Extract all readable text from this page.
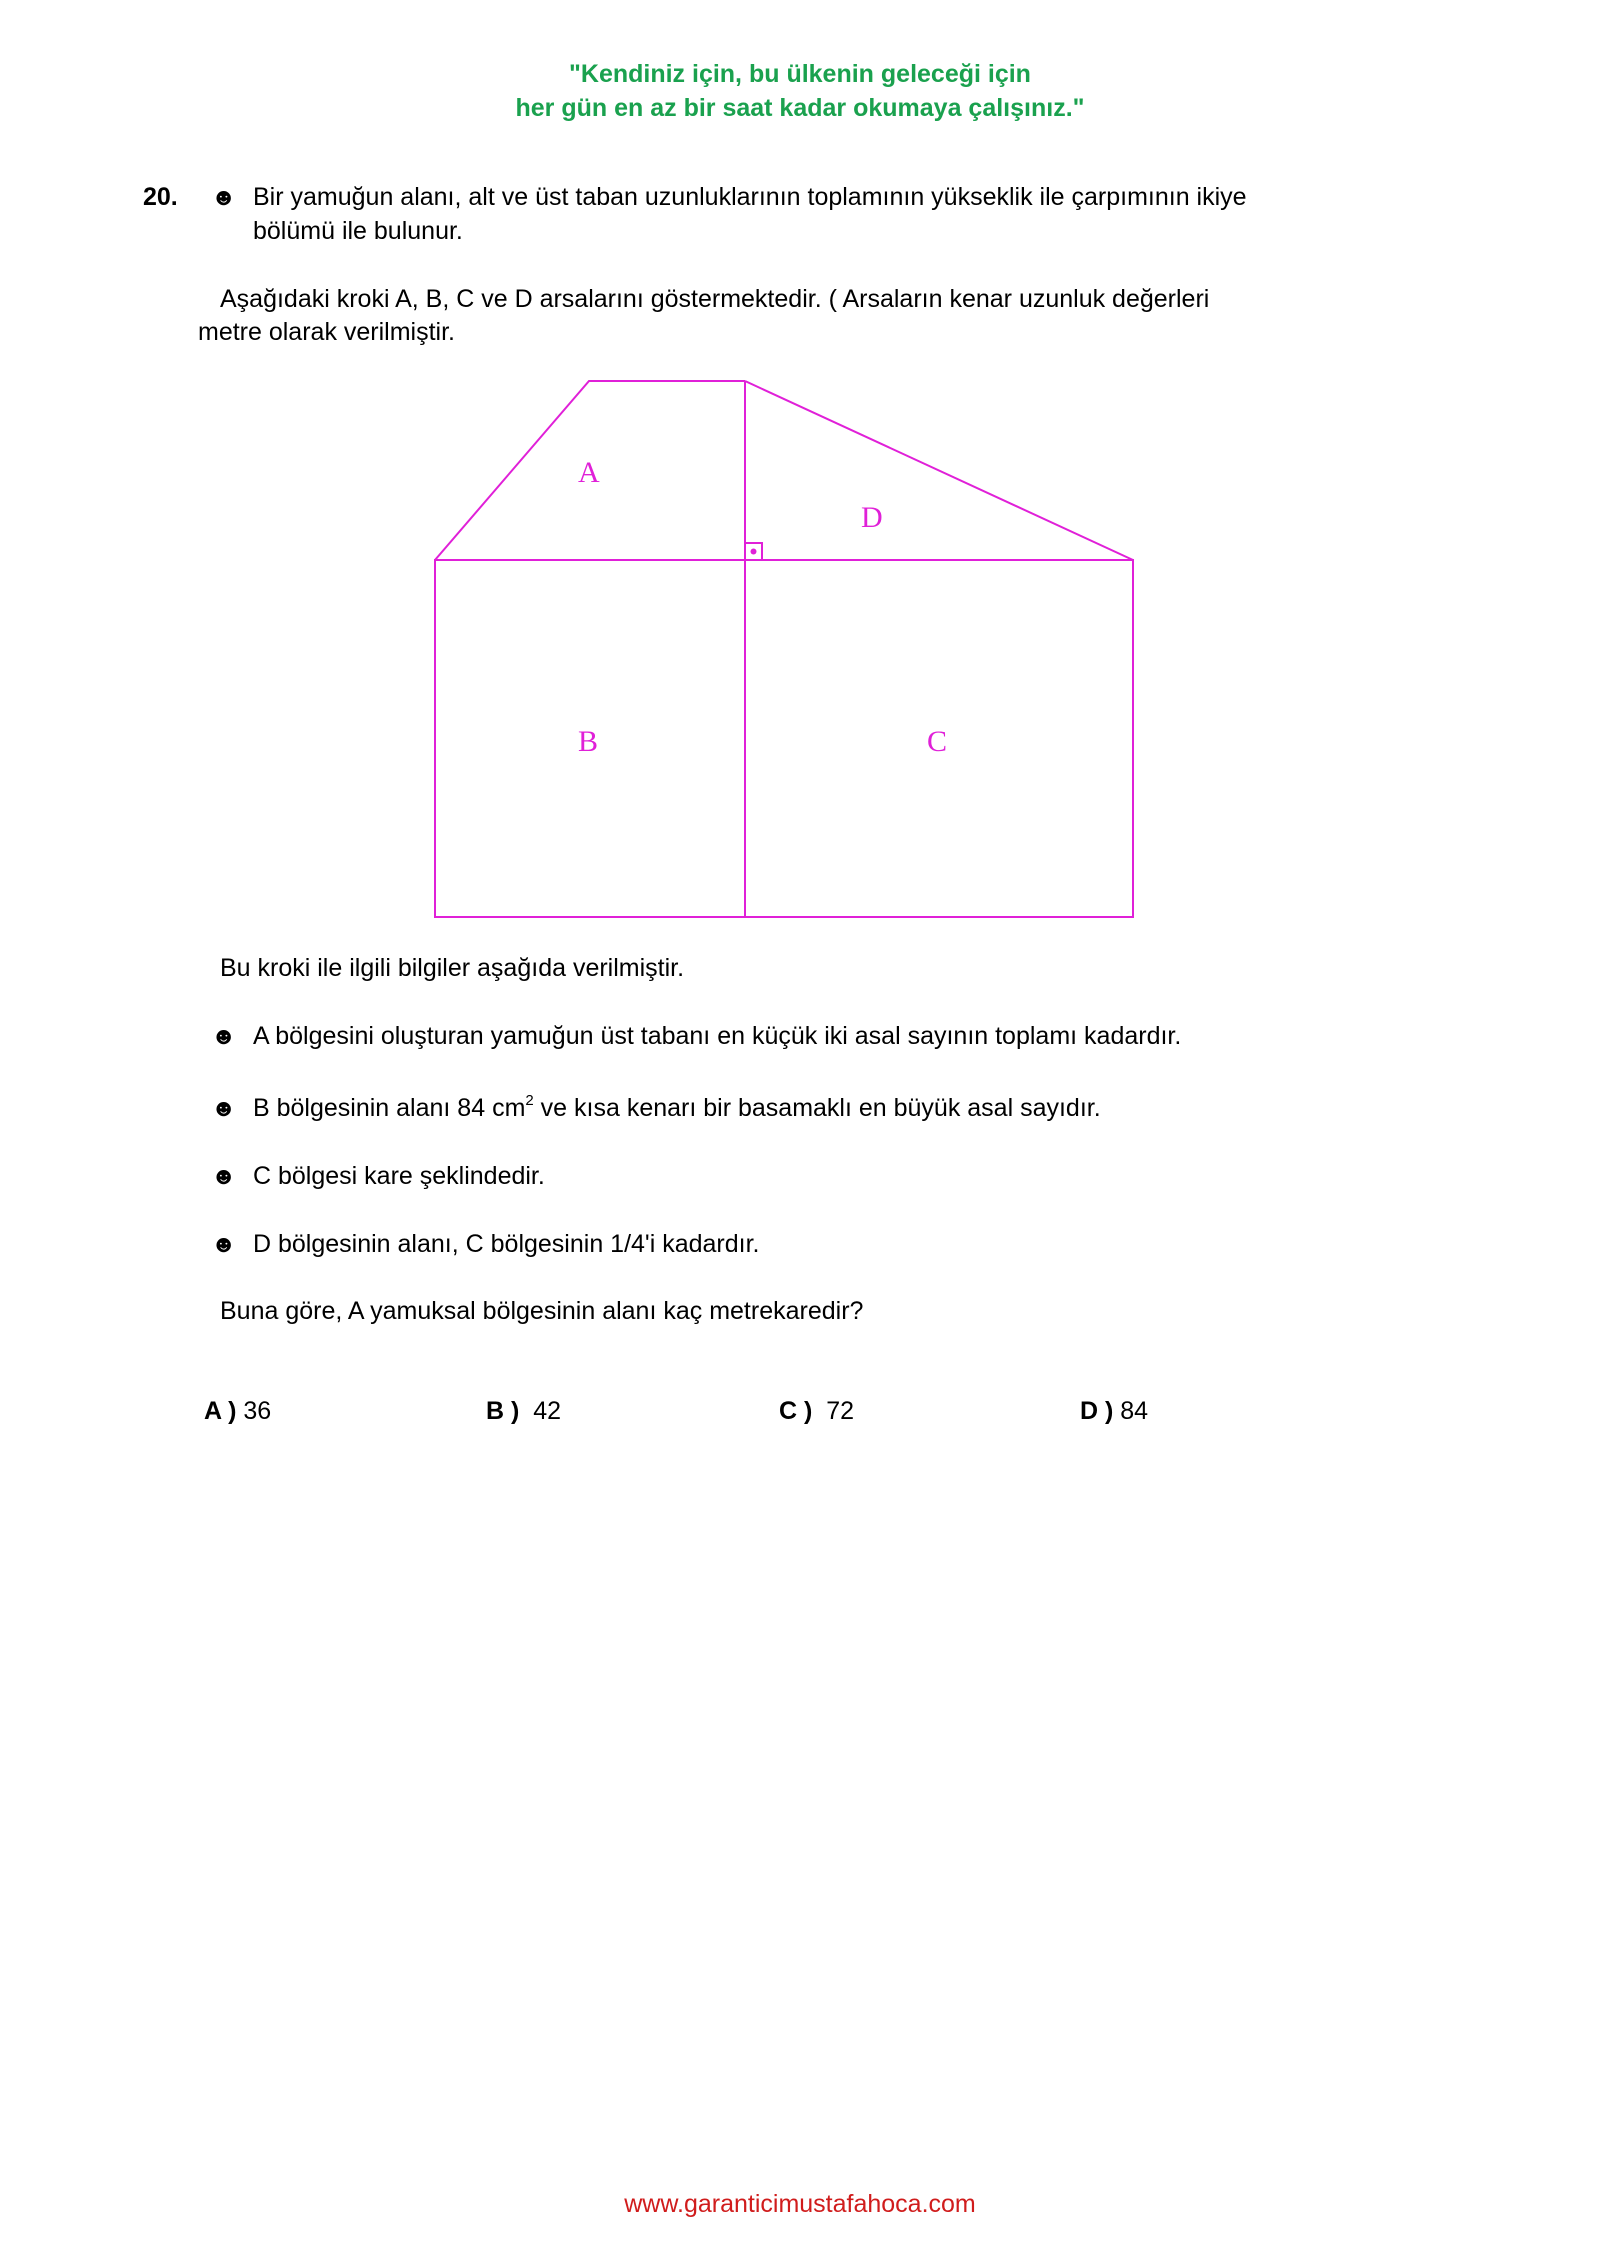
"Kendiniz için, bu ülkenin geleceği için
her gün en az bir saat kadar okumaya çalışınız."
20. ☻ Bir yamuğun alanı, alt ve üst taban uzunluklarının toplamının yükseklik ile çarpımının ikiye
bölümü ile bulunur.
Aşağıdaki kroki A, B, C ve D arsalarını göstermektedir. ( Arsaların kenar uzunluk değerleri
metre olarak verilmiştir.
A
B	C
D
Bu kroki ile ilgili bilgiler aşağıda verilmiştir.
☻ A bölgesini oluşturan yamuğun üst tabanı en küçük iki asal sayının toplamı kadardır.
☻ B bölgesinin alanı 84 $cm^2$ ve kısa kenarı bir basamaklı en büyük asal sayıdır.
☻ C bölgesi kare şeklindedir.
☻ D bölgesinin alanı, C bölgesinin 1/4'i kadardır.
Buna göre, A yamuksal bölgesinin alanı kaç metrekaredir?
A ) 36	B ) 42	C ) 72	D ) 84
www.garanticimustafahoca.com
